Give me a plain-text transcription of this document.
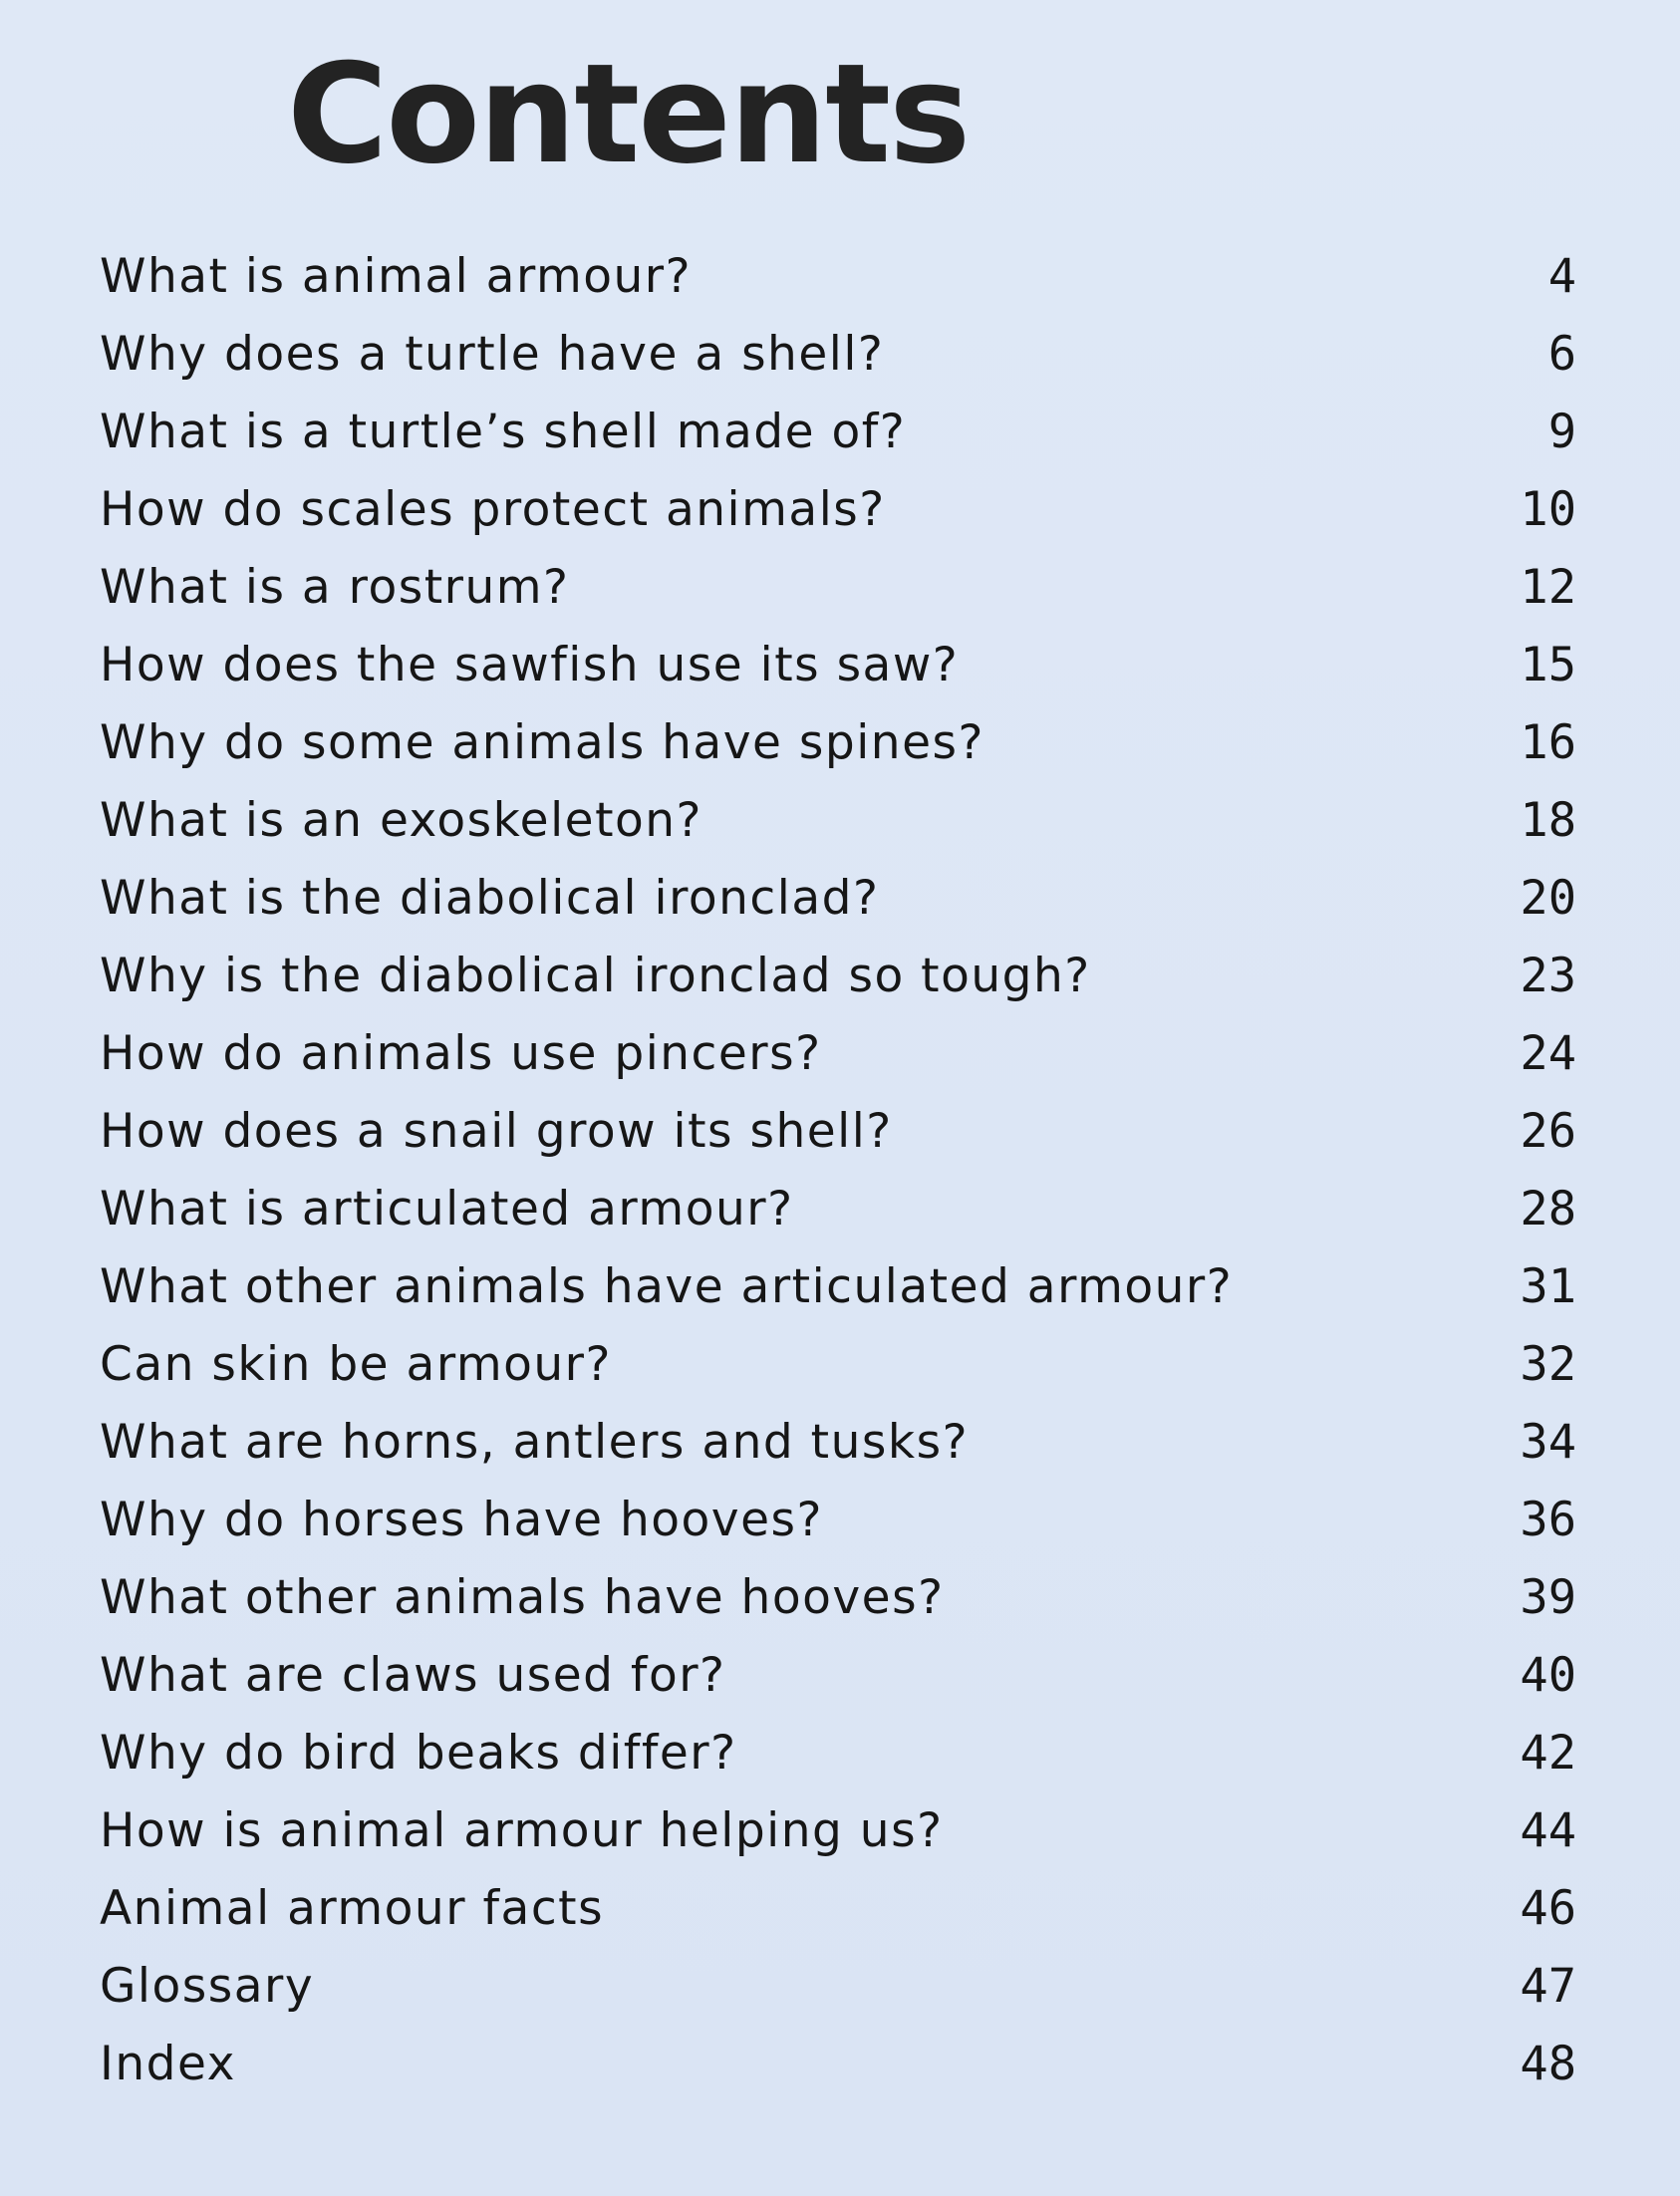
Contents
What is animal armour?	4
Why does a turtle have a shell?	6
What is a turtle’s shell made of?	9
How do scales protect animals?	10
What is a rostrum?	12
How does the sawfish use its saw?	15
Why do some animals have spines?	16
What is an exoskeleton?	18
What is the diabolical ironclad?	20
Why is the diabolical ironclad so tough?	23
How do animals use pincers?	24
How does a snail grow its shell?	26
What is articulated armour?	28
What other animals have articulated armour?	31
Can skin be armour?	32
What are horns, antlers and tusks?	34
Why do horses have hooves?	36
What other animals have hooves?	39
What are claws used for?	40
Why do bird beaks differ?	42
How is animal armour helping us?	44
Animal armour facts	46
Glossary	47
Index	48
